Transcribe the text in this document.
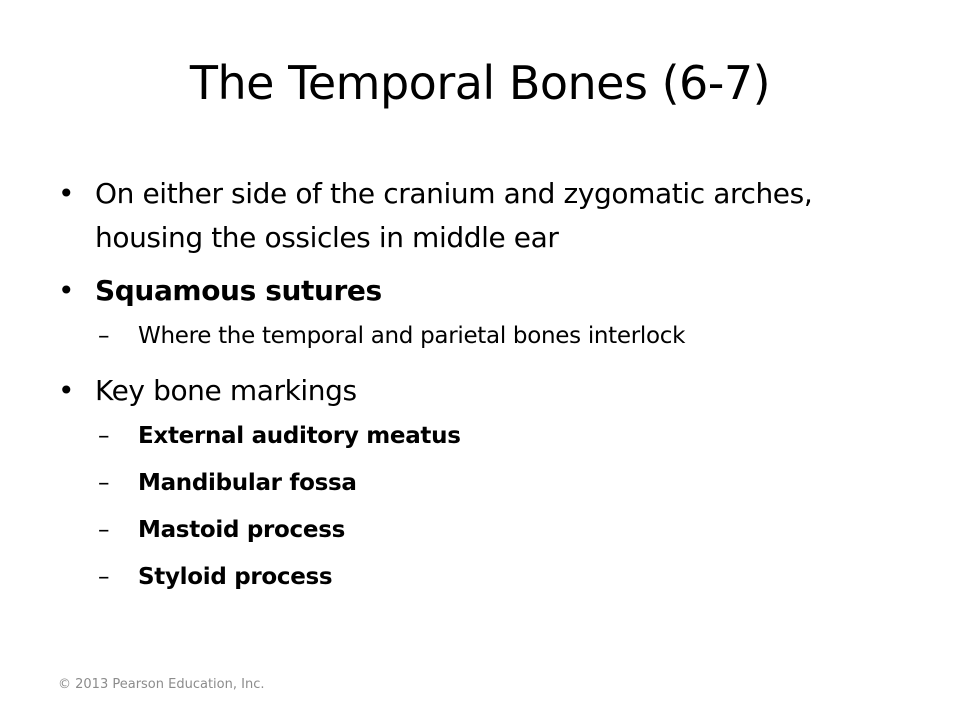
The Temporal Bones (6-7)
• On either side of the cranium and zygomatic arches, housing the ossicles in middle ear
• Squamous sutures
– Where the temporal and parietal bones interlock
• Key bone markings
– External auditory meatus
– Mandibular fossa
– Mastoid process
– Styloid process
© 2013 Pearson Education, Inc.
